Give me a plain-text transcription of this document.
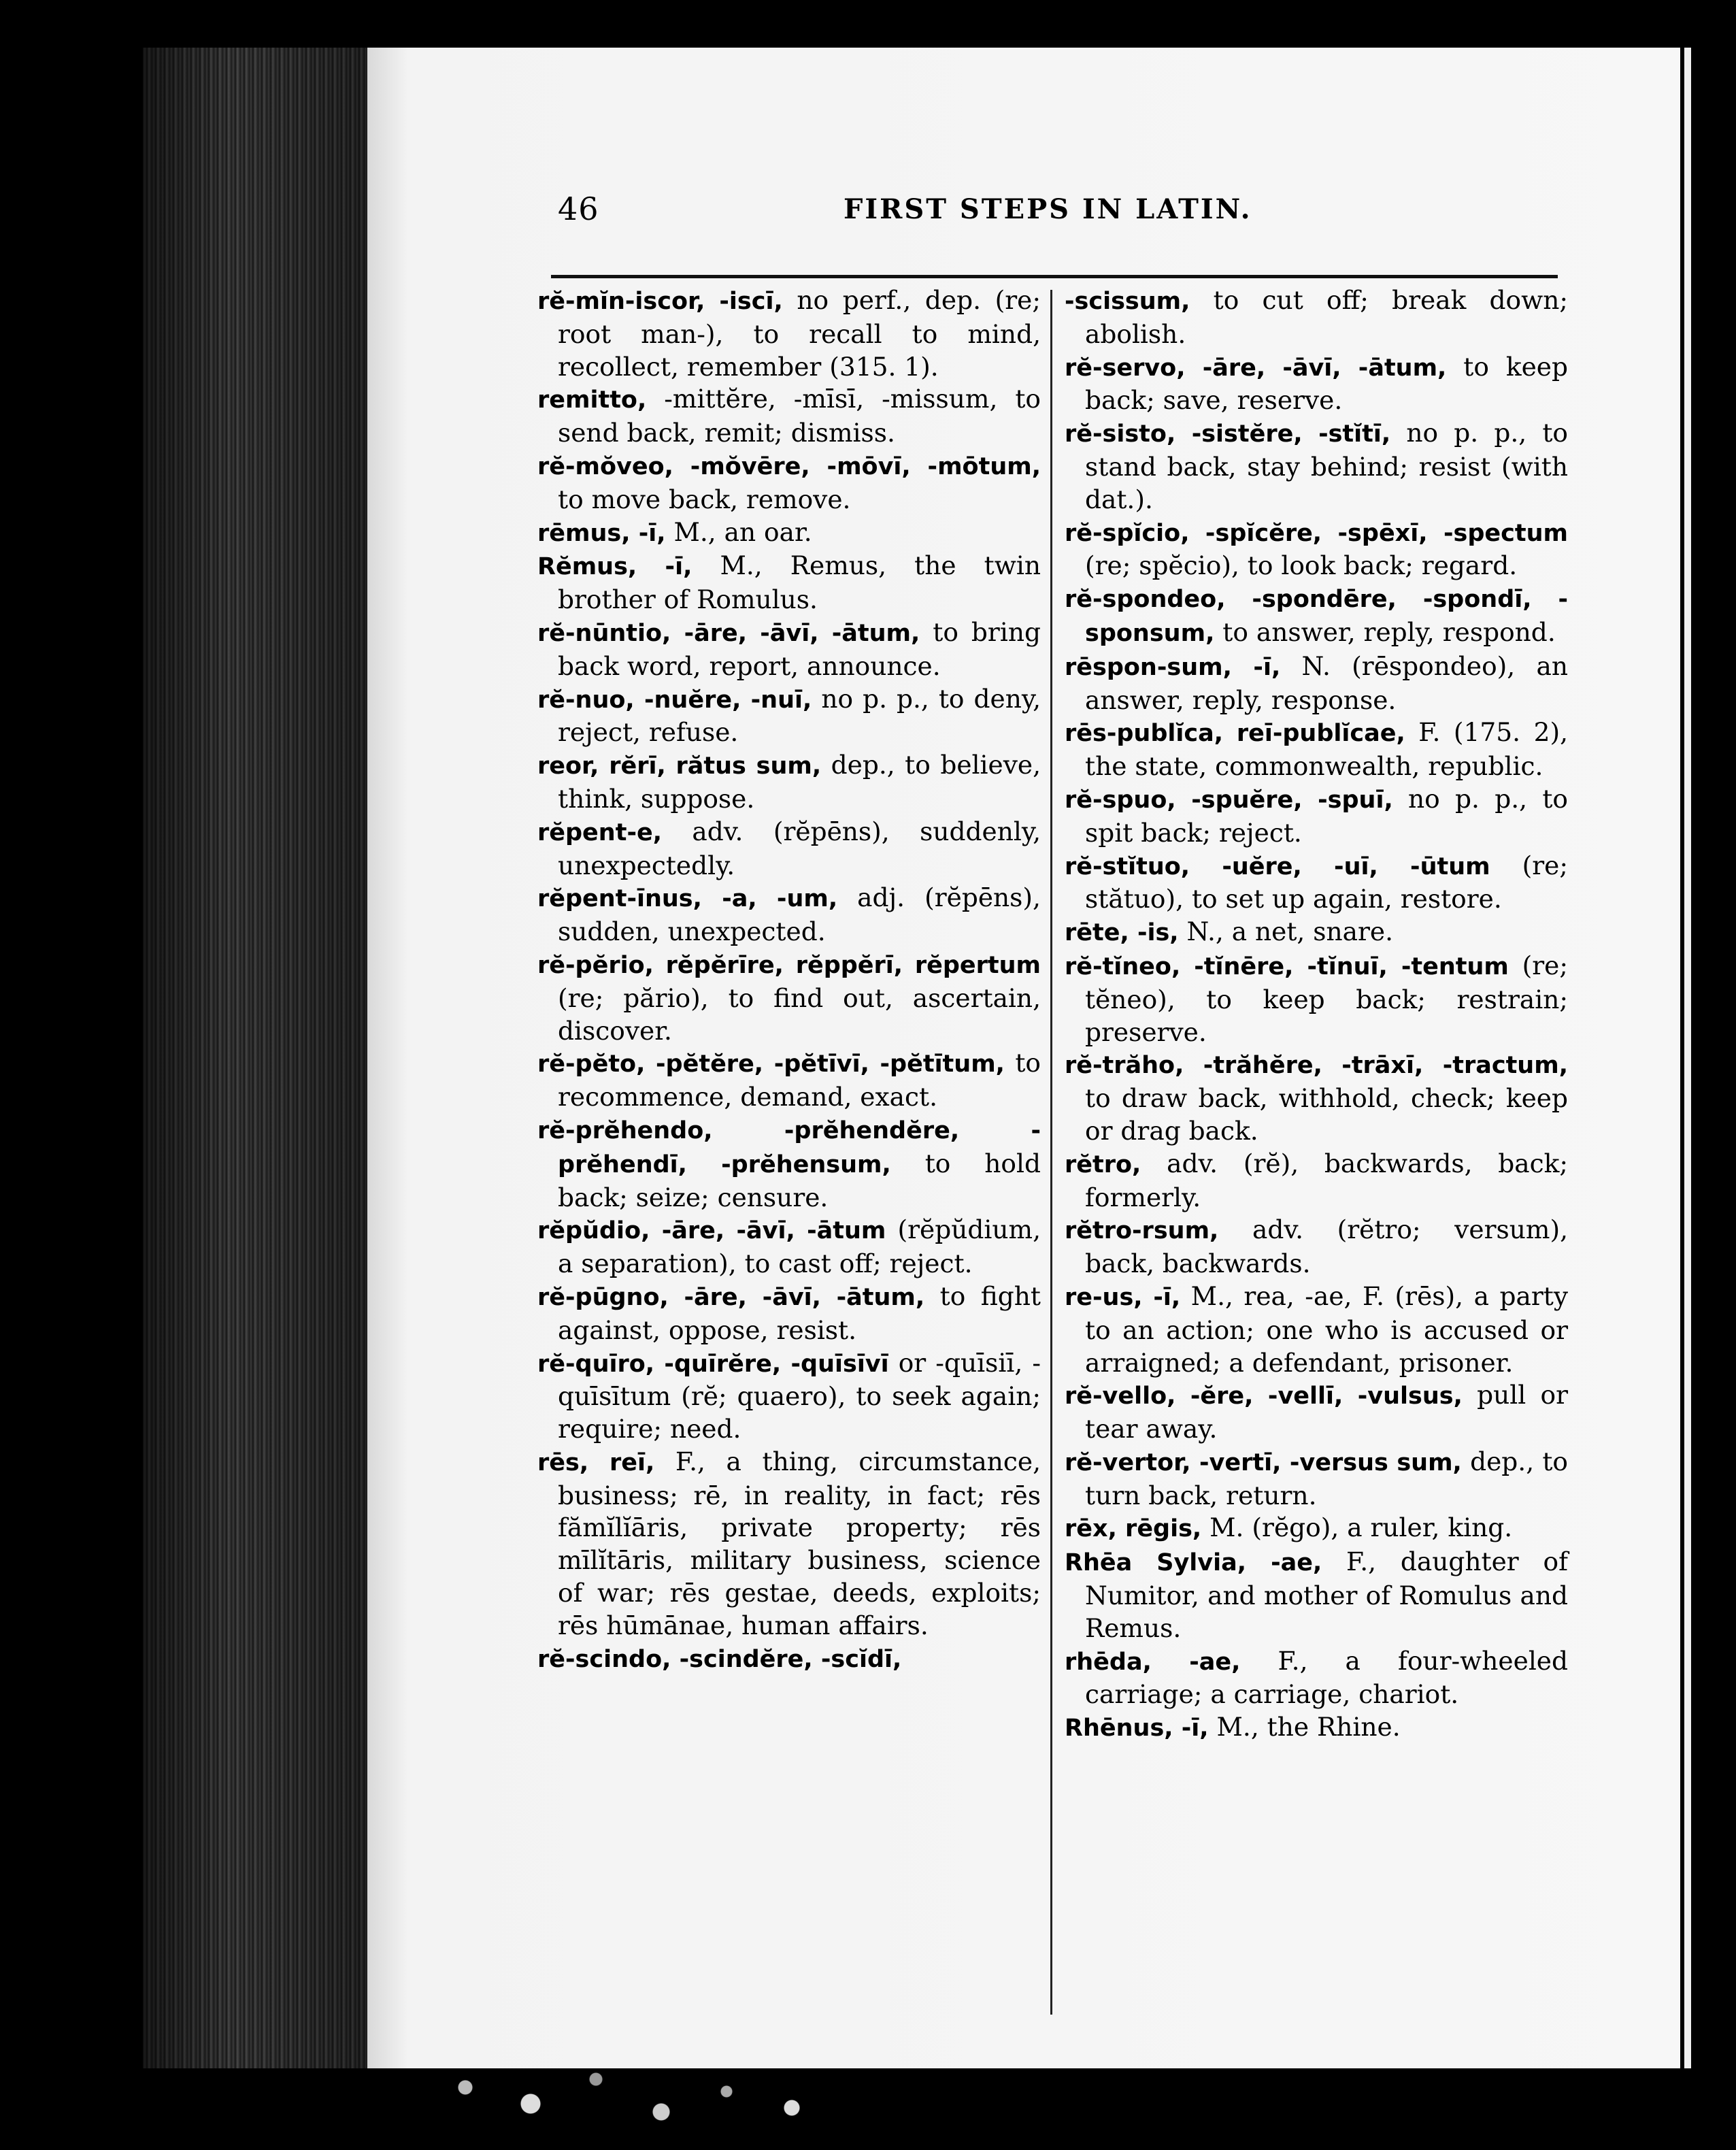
46	FIRST STEPS IN LATIN.
rĕ-mĭn-iscor, -iscī, no perf., dep. (re; root man-), to recall to mind, recollect, remember (315. 1).
remitto, -mittĕre, -mīsī, -missum, to send back, remit; dismiss.
rĕ-mŏveo, -mŏvēre, -mōvī, -mōtum, to move back, remove.
rēmus, -ī, M., an oar.
Rĕmus, -ī, M., Remus, the twin brother of Romulus.
rĕ-nūntio, -āre, -āvī, -ātum, to bring back word, report, announce.
rĕ-nuo, -nuĕre, -nuī, no p. p., to deny, reject, refuse.
reor, rĕrī, rătus sum, dep., to believe, think, suppose.
rĕpent-e, adv. (rĕpēns), suddenly, unexpectedly.
rĕpent-īnus, -a, -um, adj. (rĕpēns), sudden, unexpected.
rĕ-pĕrio, rĕpĕrīre, rĕppĕrī, rĕpertum (re; părio), to find out, ascertain, discover.
rĕ-pĕto, -pĕtĕre, -pĕtīvī, -pĕtītum, to recommence, demand, exact.
rĕ-prĕhendo, -prĕhendĕre, -prĕhendī, -prĕhensum, to hold back; seize; censure.
rĕpŭdio, -āre, -āvī, -ātum (rĕpŭdium, a separation), to cast off; reject.
rĕ-pūgno, -āre, -āvī, -ātum, to fight against, oppose, resist.
rĕ-quīro, -quīrĕre, -quīsīvī or -quīsiī, -quīsītum (rĕ; quaero), to seek again; require; need.
rēs, reī, F., a thing, circumstance, business; rē, in reality, in fact; rēs fămĭlĭāris, private property; rēs mīlĭtāris, military business, science of war; rēs gestae, deeds, exploits; rēs hūmānae, human affairs.
rĕ-scindo, -scindĕre, -scĭdī,
-scissum, to cut off; break down; abolish.
rĕ-servo, -āre, -āvī, -ātum, to keep back; save, reserve.
rĕ-sisto, -sistĕre, -stĭtī, no p. p., to stand back, stay behind; resist (with dat.).
rĕ-spĭcio, -spĭcĕre, -spēxī, -spectum (re; spĕcio), to look back; regard.
rĕ-spondeo, -spondēre, -spondī, -sponsum, to answer, reply, respond.
rēspon-sum, -ī, N. (rēspondeo), an answer, reply, response.
rēs-publĭca, reī-publĭcae, F. (175. 2), the state, commonwealth, republic.
rĕ-spuo, -spuĕre, -spuī, no p. p., to spit back; reject.
rĕ-stĭtuo, -uĕre, -uī, -ūtum (re; stătuo), to set up again, restore.
rēte, -is, N., a net, snare.
rĕ-tĭneo, -tĭnēre, -tĭnuī, -tentum (re; tĕneo), to keep back; restrain; preserve.
rĕ-trăho, -trăhĕre, -trāxī, -tractum, to draw back, withhold, check; keep or drag back.
rĕtro, adv. (rĕ), backwards, back; formerly.
rĕtro-rsum, adv. (rĕtro; versum), back, backwards.
re-us, -ī, M., rea, -ae, F. (rēs), a party to an action; one who is accused or arraigned; a defendant, prisoner.
rĕ-vello, -ĕre, -vellī, -vulsus, pull or tear away.
rĕ-vertor, -vertī, -versus sum, dep., to turn back, return.
rēx, rēgis, M. (rĕgo), a ruler, king.
Rhēa Sylvia, -ae, F., daughter of Numitor, and mother of Romulus and Remus.
rhēda, -ae, F., a four-wheeled carriage; a carriage, chariot.
Rhēnus, -ī, M., the Rhine.
